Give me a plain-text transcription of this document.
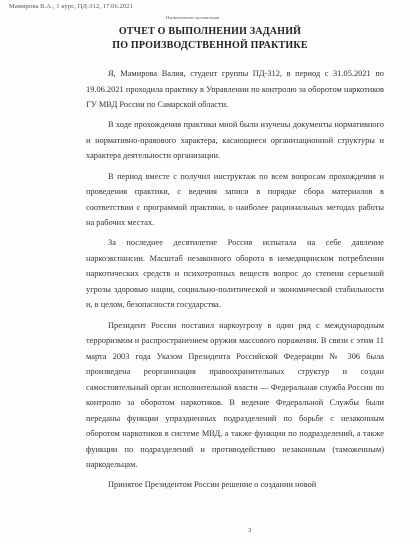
Мамирова В.А., 1 курс, ПД-312, 17.06.2021
Наименование организации
ОТЧЕТ О ВЫПОЛНЕНИИ ЗАДАНИЙ
ПО ПРОИЗВОДСТВЕННОЙ ПРАКТИКЕ

Я, Мамирова Валия, студент группы ПД-312, в период с 31.05.2021 по 19.06.2021 проходила практику в Управлении по контролю за оборотом наркотиков ГУ МВД России по Самарской области.

В ходе прохождения практики мной были изучены документы нормативного и нормативно-правового характера, касающиеся организационной структуры и характера деятельности организации.

В период вместе с получил инструктаж по всем вопросам прохождения и проведения практики, с ведения записи в порядке сбора материалов в соответствии с программой практики, о наиболее рациональных методах работы на рабочих местах.

За последнее десятилетие Россия испытала на себе давление наркоэкспансии. Масштаб незаконного оборота в немедицинском потреблении наркотических средств и психотропных веществ вопрос до степени серьезной угрозы здоровью нации, социально-политической и экономической стабильности и, в целом, безопасности государства.

Президент России поставил наркоугрозу в один ряд с международным терроризмом и распространением оружия массового поражения. В связи с этим 11 марта 2003 года Указом Президента Российской Федерации № 306 была произведена реорганизация правоохранительных структур и создан самостоятельный орган исполнительной власти — Федеральная служба России по контролю за оборотом наркотиков. В ведение Федеральной Службы были переданы функции упраздненных подразделений по борьбе с незаконным оборотом наркотиков в системе МВД, а также функции по подразделений, а также функции по подразделений и противодействию незаконным (таможенным) наркодельцам.

Принятое Президентом России решение о создании новой

3
